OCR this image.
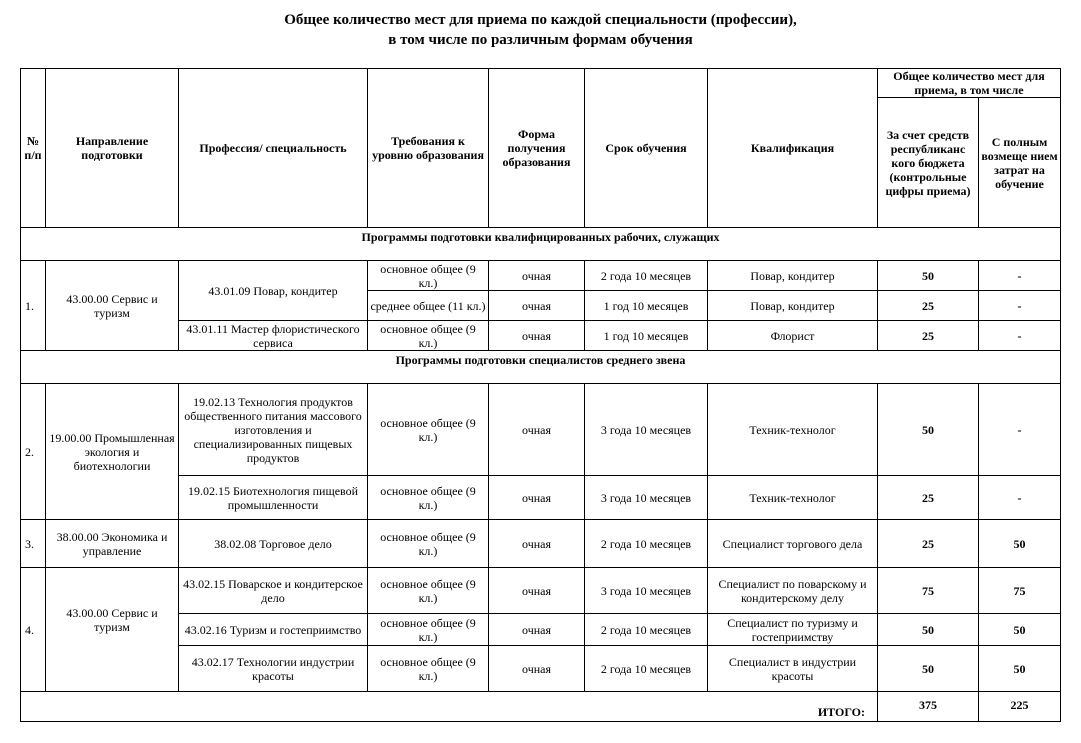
Общее количество мест для приема по каждой специальности (профессии),
в том числе по различным формам обучения
№ п/п	Направление подготовки	Профессия/ специальность	Требования к уровню образования	Форма получения образования	Срок обучения	Квалификация	Общее количество мест для приема, в том числе	
							За счет средств республиканс кого бюджета (контрольные цифры приема)	С полным возмеще нием затрат на обучение
Программы подготовки квалифицированных рабочих, служащих								
1.	43.00.00 Сервис и туризм	43.01.09 Повар, кондитер	основное общее (9 кл.)	очная	2 года 10 месяцев	Повар, кондитер	50	-
			среднее общее (11 кл.)	очная	1 год 10 месяцев	Повар, кондитер	25	-
		43.01.11 Мастер флористического сервиса	основное общее (9 кл.)	очная	1 год 10 месяцев	Флорист	25	-
Программы подготовки специалистов среднего звена								
2.	19.00.00 Промышленная экология и биотехнологии	19.02.13 Технология продуктов общественного питания массового изготовления и специализированных пищевых продуктов	основное общее (9 кл.)	очная	3 года 10 месяцев	Техник-технолог	50	-
		19.02.15 Биотехнология пищевой промышленности	основное общее (9 кл.)	очная	3 года 10 месяцев	Техник-технолог	25	-
3.	38.00.00 Экономика и управление	38.02.08 Торговое дело	основное общее (9 кл.)	очная	2 года 10 месяцев	Специалист торгового дела	25	50
4.	43.00.00 Сервис и туризм	43.02.15 Поварское и кондитерское дело	основное общее (9 кл.)	очная	3 года 10 месяцев	Специалист по поварскому и кондитерскому делу	75	75
		43.02.16 Туризм и гостеприимство	основное общее (9 кл.)	очная	2 года 10 месяцев	Специалист по туризму и гостеприимству	50	50
		43.02.17 Технологии индустрии красоты	основное общее (9 кл.)	очная	2 года 10 месяцев	Специалист в индустрии красоты	50	50
ИТОГО:							375	225
